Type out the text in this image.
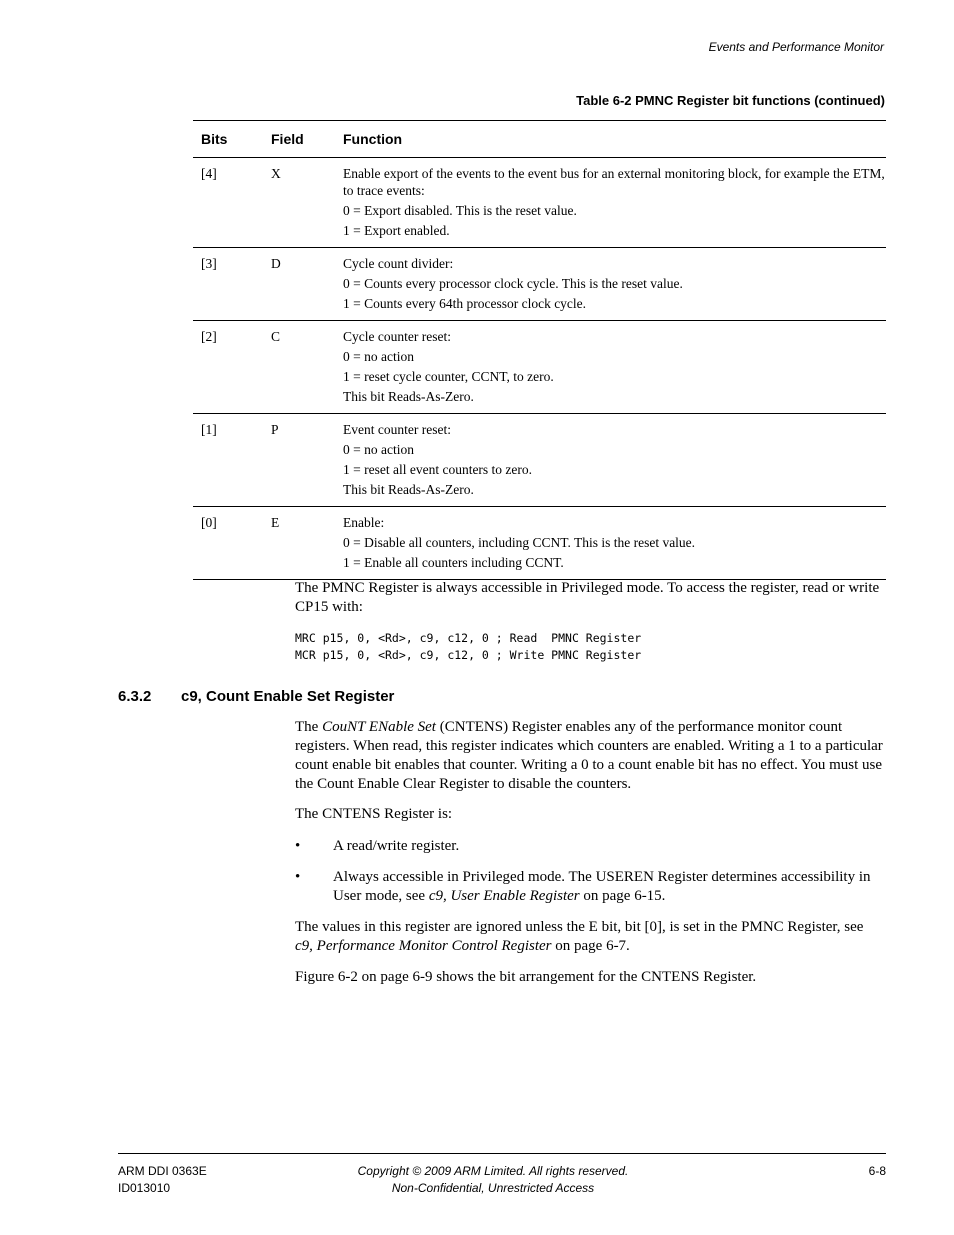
Events and Performance Monitor
Table 6-2 PMNC Register bit functions (continued)
Bits	Field	Function
[4]	X	Enable export of the events to the event bus for an external monitoring block, for example the ETM, to trace events:

0 = Export disabled. This is the reset value.

1 = Export enabled.

[3]	D	Cycle count divider:

0 = Counts every processor clock cycle. This is the reset value.

1 = Counts every 64th processor clock cycle.

[2]	C	Cycle counter reset:

0 = no action

1 = reset cycle counter, CCNT, to zero.

This bit Reads-As-Zero.

[1]	P	Event counter reset:

0 = no action

1 = reset all event counters to zero.

This bit Reads-As-Zero.

[0]	E	Enable:

0 = Disable all counters, including CCNT. This is the reset value.

1 = Enable all counters including CCNT.

The PMNC Register is always accessible in Privileged mode. To access the register, read or write CP15 with:

MRC p15, 0, <Rd>, c9, c12, 0 ; Read  PMNC Register
MCR p15, 0, <Rd>, c9, c12, 0 ; Write PMNC Register
6.3.2 c9, Count Enable Set Register

The CouNT ENable Set (CNTENS) Register enables any of the performance monitor count registers. When read, this register indicates which counters are enabled. Writing a 1 to a particular count enable bit enables that counter. Writing a 0 to a count enable bit has no effect. You must use the Count Enable Clear Register to disable the counters.

The CNTENS Register is:

• A read/write register.
• Always accessible in Privileged mode. The USEREN Register determines accessibility in User mode, see c9, User Enable Register on page 6-15.

The values in this register are ignored unless the E bit, bit [0], is set in the PMNC Register, see c9, Performance Monitor Control Register on page 6-7.

Figure 6-2 on page 6-9 shows the bit arrangement for the CNTENS Register.

ARM DDI 0363E
ID013010
Copyright © 2009 ARM Limited. All rights reserved.
Non-Confidential, Unrestricted Access
6-8
